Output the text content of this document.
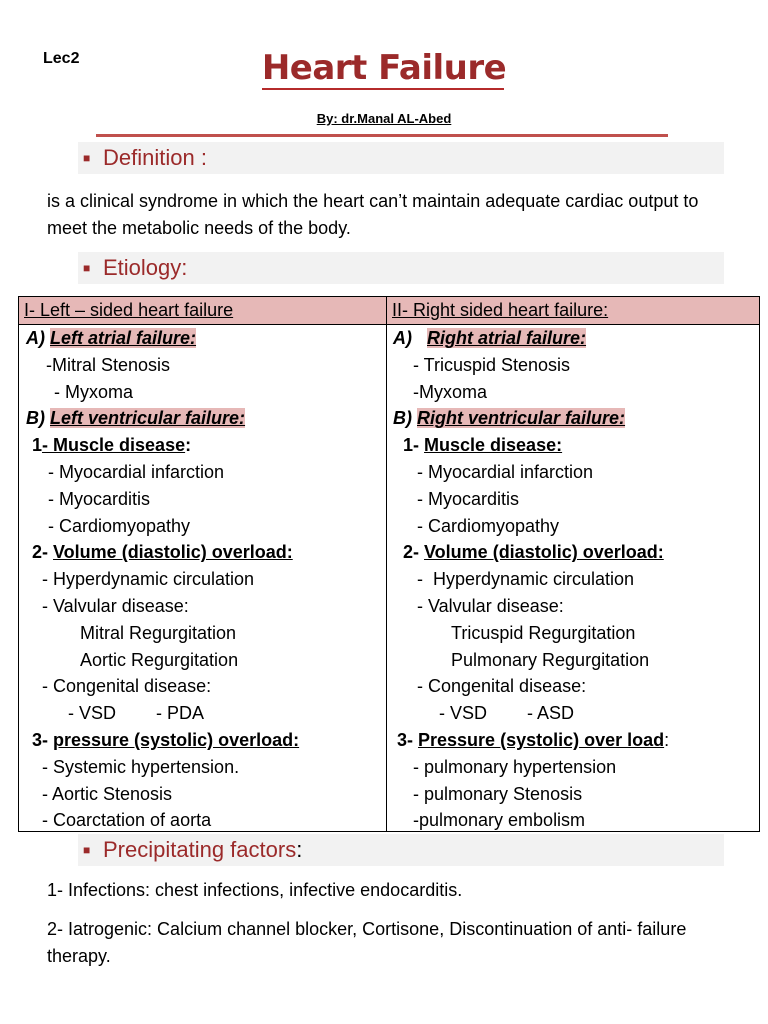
Lec2	Heart Failure
By: dr.Manal AL-Abed
■ Definition :
is a clinical syndrome in which the heart can’t maintain adequate cardiac output to meet the metabolic needs of the body.
■ Etiology:
I- Left – sided heart failure	II- Right sided heart failure:
A) Left atrial failure:
-Mitral Stenosis
- Myxoma
B) Left ventricular failure:
1- Muscle disease:
- Myocardial infarction
- Myocarditis
- Cardiomyopathy
2- Volume (diastolic) overload:
- Hyperdynamic circulation
- Valvular disease:
Mitral Regurgitation
Aortic Regurgitation
- Congenital disease:
- VSD        - PDA
3- pressure (systolic) overload:
- Systemic hypertension.
- Aortic Stenosis
- Coarctation of aorta
A)   Right atrial failure:
- Tricuspid Stenosis
-Myxoma
B) Right ventricular failure:
1- Muscle disease:
- Myocardial infarction
- Myocarditis
- Cardiomyopathy
2- Volume (diastolic) overload:
-  Hyperdynamic circulation
- Valvular disease:
Tricuspid Regurgitation
Pulmonary Regurgitation
- Congenital disease:
- VSD        - ASD
3- Pressure (systolic) over load:
- pulmonary hypertension
- pulmonary Stenosis
-pulmonary embolism
■ Precipitating factors:
1- Infections: chest infections, infective endocarditis.
2- Iatrogenic: Calcium channel blocker, Cortisone, Discontinuation of anti- failure therapy.
